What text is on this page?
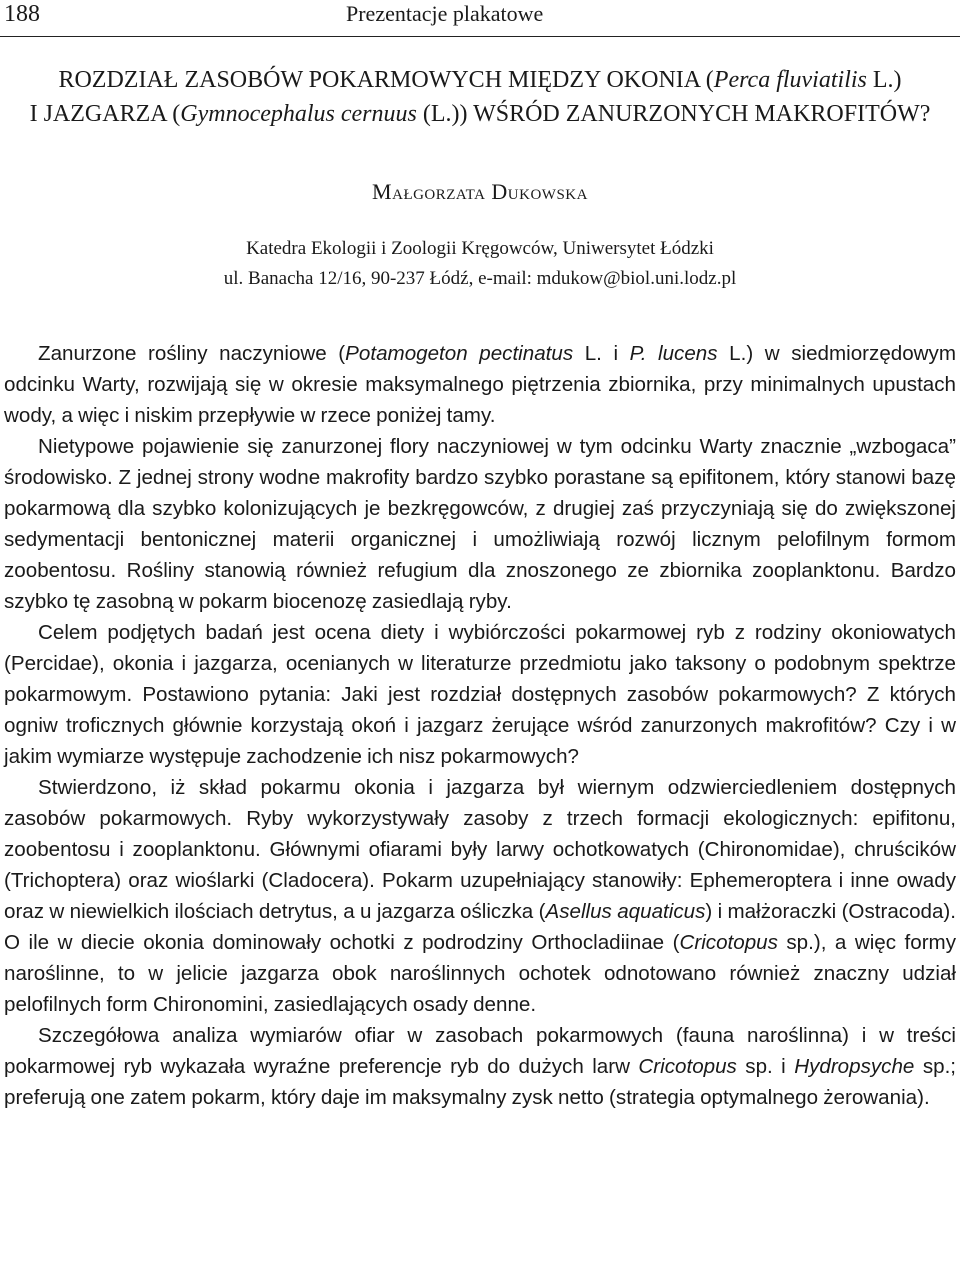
188	Prezentacje plakatowe
ROZDZIAŁ ZASOBÓW POKARMOWYCH MIĘDZY OKONIA (Perca fluviatilis L.)
I JAZGARZA (Gymnocephalus cernuus (L.)) WŚRÓD ZANURZONYCH MAKROFITÓW?
Małgorzata Dukowska
Katedra Ekologii i Zoologii Kręgowców, Uniwersytet Łódzki
ul. Banacha 12/16, 90-237 Łódź, e-mail: mdukow@biol.uni.lodz.pl

Zanurzone rośliny naczyniowe (Potamogeton pectinatus L. i P. lucens L.) w siedmiorzędowym odcinku Warty, rozwijają się w okresie maksymalnego piętrzenia zbiornika, przy minimalnych upustach wody, a więc i niskim przepływie w rzece poniżej tamy.

Nietypowe pojawienie się zanurzonej flory naczyniowej w tym odcinku Warty znacznie „wzbogaca” środowisko. Z jednej strony wodne makrofity bardzo szybko porastane są epifitonem, który stanowi bazę pokarmową dla szybko kolonizujących je bezkręgowców, z drugiej zaś przyczyniają się do zwiększonej sedymentacji bentonicznej materii organicznej i umożliwiają rozwój licznym pelofilnym formom zoobentosu. Rośliny stanowią również refugium dla znoszonego ze zbiornika zooplanktonu. Bardzo szybko tę zasobną w pokarm biocenozę zasiedlają ryby.

Celem podjętych badań jest ocena diety i wybiórczości pokarmowej ryb z rodziny okoniowatych (Percidae), okonia i jazgarza, ocenianych w literaturze przedmiotu jako taksony o podobnym spektrze pokarmowym. Postawiono pytania: Jaki jest rozdział dostępnych zasobów pokarmowych? Z których ogniw troficznych głównie korzystają okoń i jazgarz żerujące wśród zanurzonych makrofitów? Czy i w jakim wymiarze występuje zachodzenie ich nisz pokarmowych?

Stwierdzono, iż skład pokarmu okonia i jazgarza był wiernym odzwierciedleniem dostępnych zasobów pokarmowych. Ryby wykorzystywały zasoby z trzech formacji ekologicznych: epifitonu, zoobentosu i zooplanktonu. Głównymi ofiarami były larwy ochotkowatych (Chironomidae), chruścików (Trichoptera) oraz wioślarki (Cladocera). Pokarm uzupełniający stanowiły: Ephemeroptera i inne owady oraz w niewielkich ilościach detrytus, a u jazgarza ośliczka (Asellus aquaticus) i małżoraczki (Ostracoda). O ile w diecie okonia dominowały ochotki z podrodziny Orthocladiinae (Cricotopus sp.), a więc formy naroślinne, to w jelicie jazgarza obok naroślinnych ochotek odnotowano również znaczny udział pelofilnych form Chironomini, zasiedlających osady denne.

Szczegółowa analiza wymiarów ofiar w zasobach pokarmowych (fauna naroślinna) i w treści pokarmowej ryb wykazała wyraźne preferencje ryb do dużych larw Cricotopus sp. i Hydropsyche sp.; preferują one zatem pokarm, który daje im maksymalny zysk netto (strategia optymalnego żerowania).
